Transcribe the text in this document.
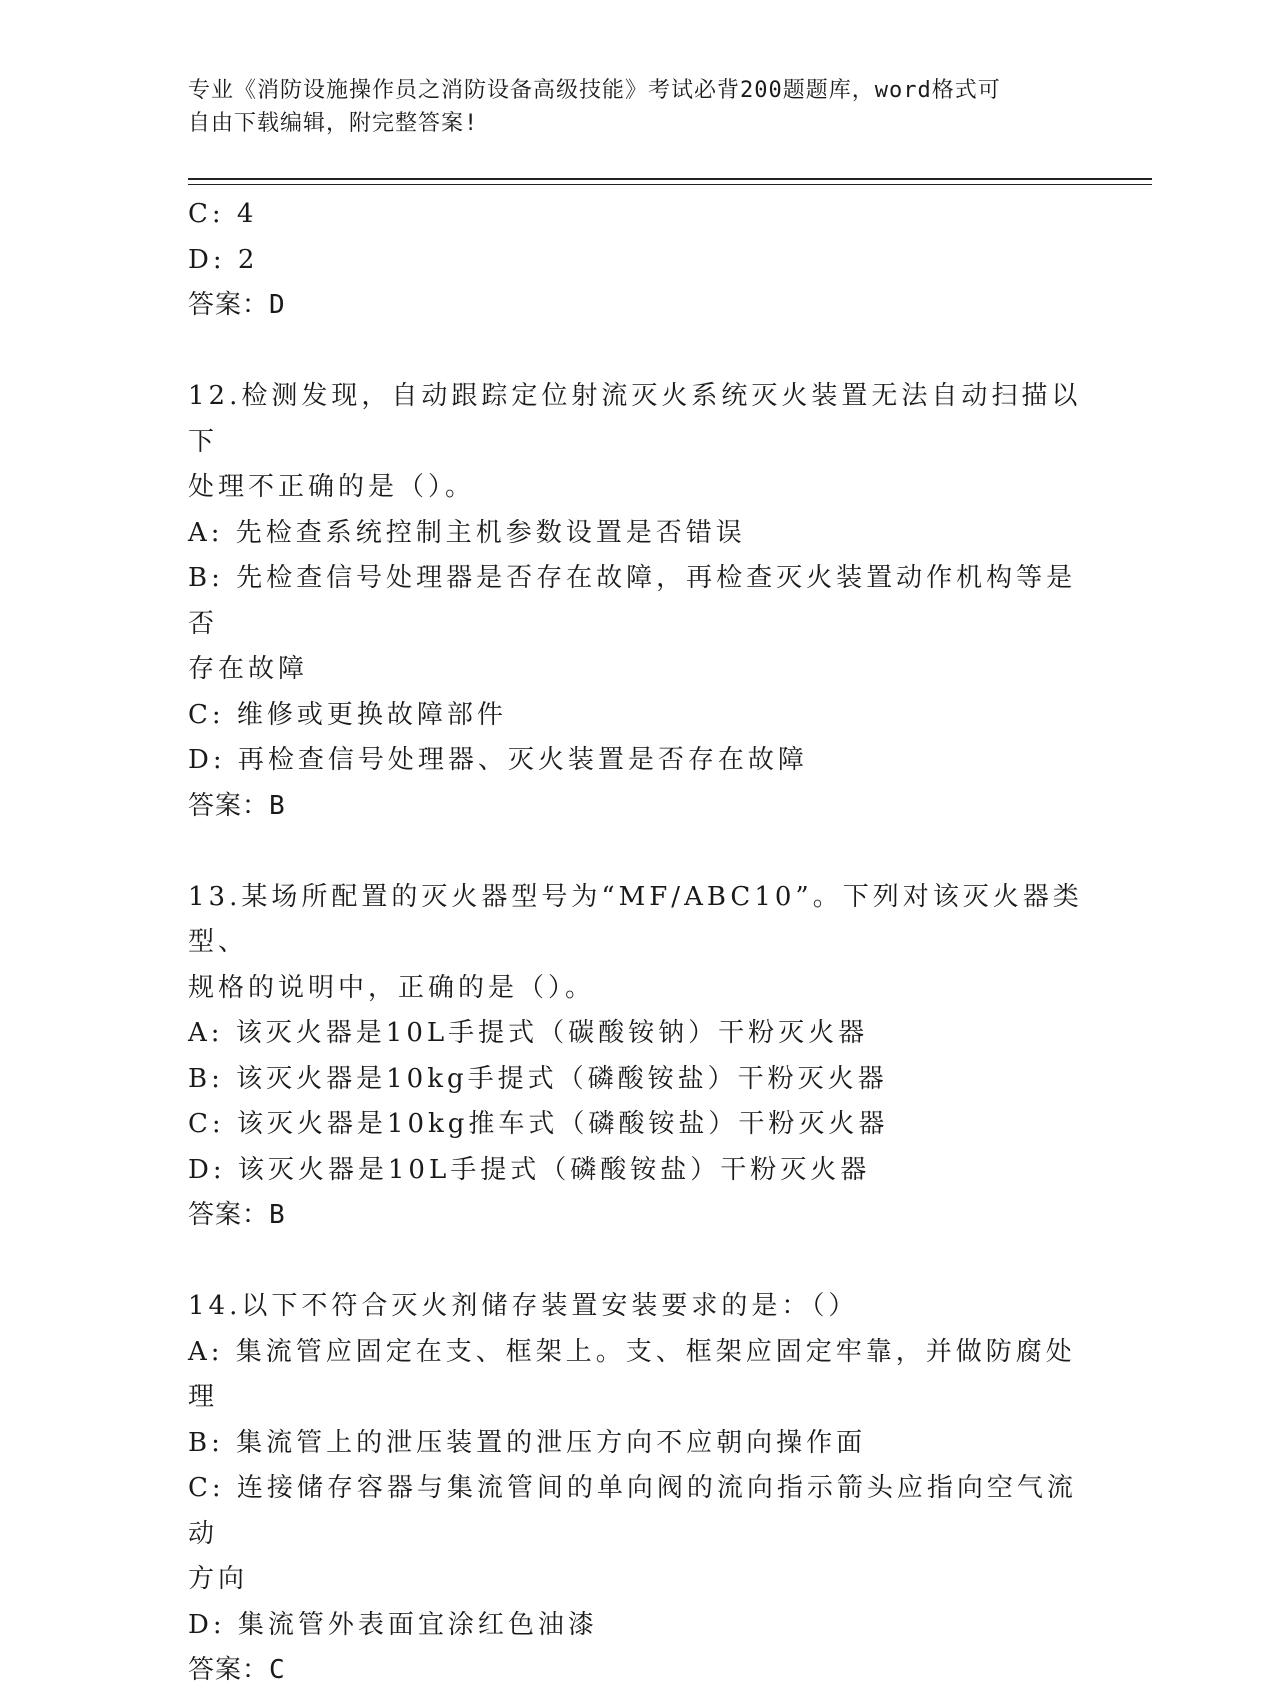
专业《消防设施操作员之消防设备高级技能》考试必背200题题库，word格式可
自由下载编辑，附完整答案!
C: 4
D: 2
答案：D
12.检测发现，自动跟踪定位射流灭火系统灭火装置无法自动扫描以下
处理不正确的是（）。
A: 先检查系统控制主机参数设置是否错误
B: 先检查信号处理器是否存在故障，再检查灭火装置动作机构等是否
存在故障
C: 维修或更换故障部件
D: 再检查信号处理器、灭火装置是否存在故障
答案：B
13.某场所配置的灭火器型号为“MF/ABC10”。下列对该灭火器类型、
规格的说明中，正确的是（）。
A: 该灭火器是10L手提式（碳酸铵钠）干粉灭火器
B: 该灭火器是10kg手提式（磷酸铵盐）干粉灭火器
C: 该灭火器是10kg推车式（磷酸铵盐）干粉灭火器
D: 该灭火器是10L手提式（磷酸铵盐）干粉灭火器
答案：B
14.以下不符合灭火剂储存装置安装要求的是：（）
A: 集流管应固定在支、框架上。支、框架应固定牢靠，并做防腐处理
B: 集流管上的泄压装置的泄压方向不应朝向操作面
C: 连接储存容器与集流管间的单向阀的流向指示箭头应指向空气流动
方向
D: 集流管外表面宜涂红色油漆
答案：C
